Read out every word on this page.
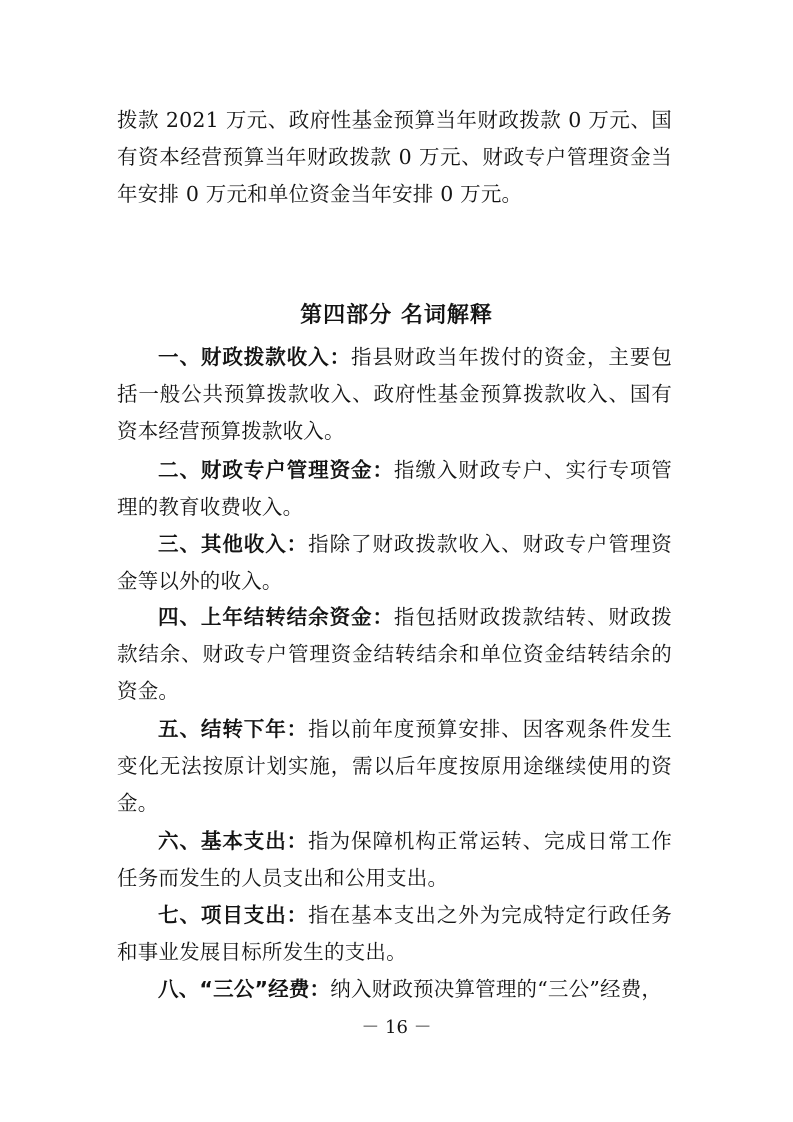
拨款 2021 万元、政府性基金预算当年财政拨款 0 万元、国有资本经营预算当年财政拨款 0 万元、财政专户管理资金当年安排 0 万元和单位资金当年安排 0 万元。

第四部分 名词解释

一、财政拨款收入：指县财政当年拨付的资金，主要包括一般公共预算拨款收入、政府性基金预算拨款收入、国有资本经营预算拨款收入。

二、财政专户管理资金：指缴入财政专户、实行专项管理的教育收费收入。

三、其他收入：指除了财政拨款收入、财政专户管理资金等以外的收入。

四、上年结转结余资金：指包括财政拨款结转、财政拨款结余、财政专户管理资金结转结余和单位资金结转结余的资金。

五、结转下年：指以前年度预算安排、因客观条件发生变化无法按原计划实施，需以后年度按原用途继续使用的资金。

六、基本支出：指为保障机构正常运转、完成日常工作任务而发生的人员支出和公用支出。

七、项目支出：指在基本支出之外为完成特定行政任务和事业发展目标所发生的支出。

八、“三公”经费：纳入财政预决算管理的“三公”经费，

－ 16 －
